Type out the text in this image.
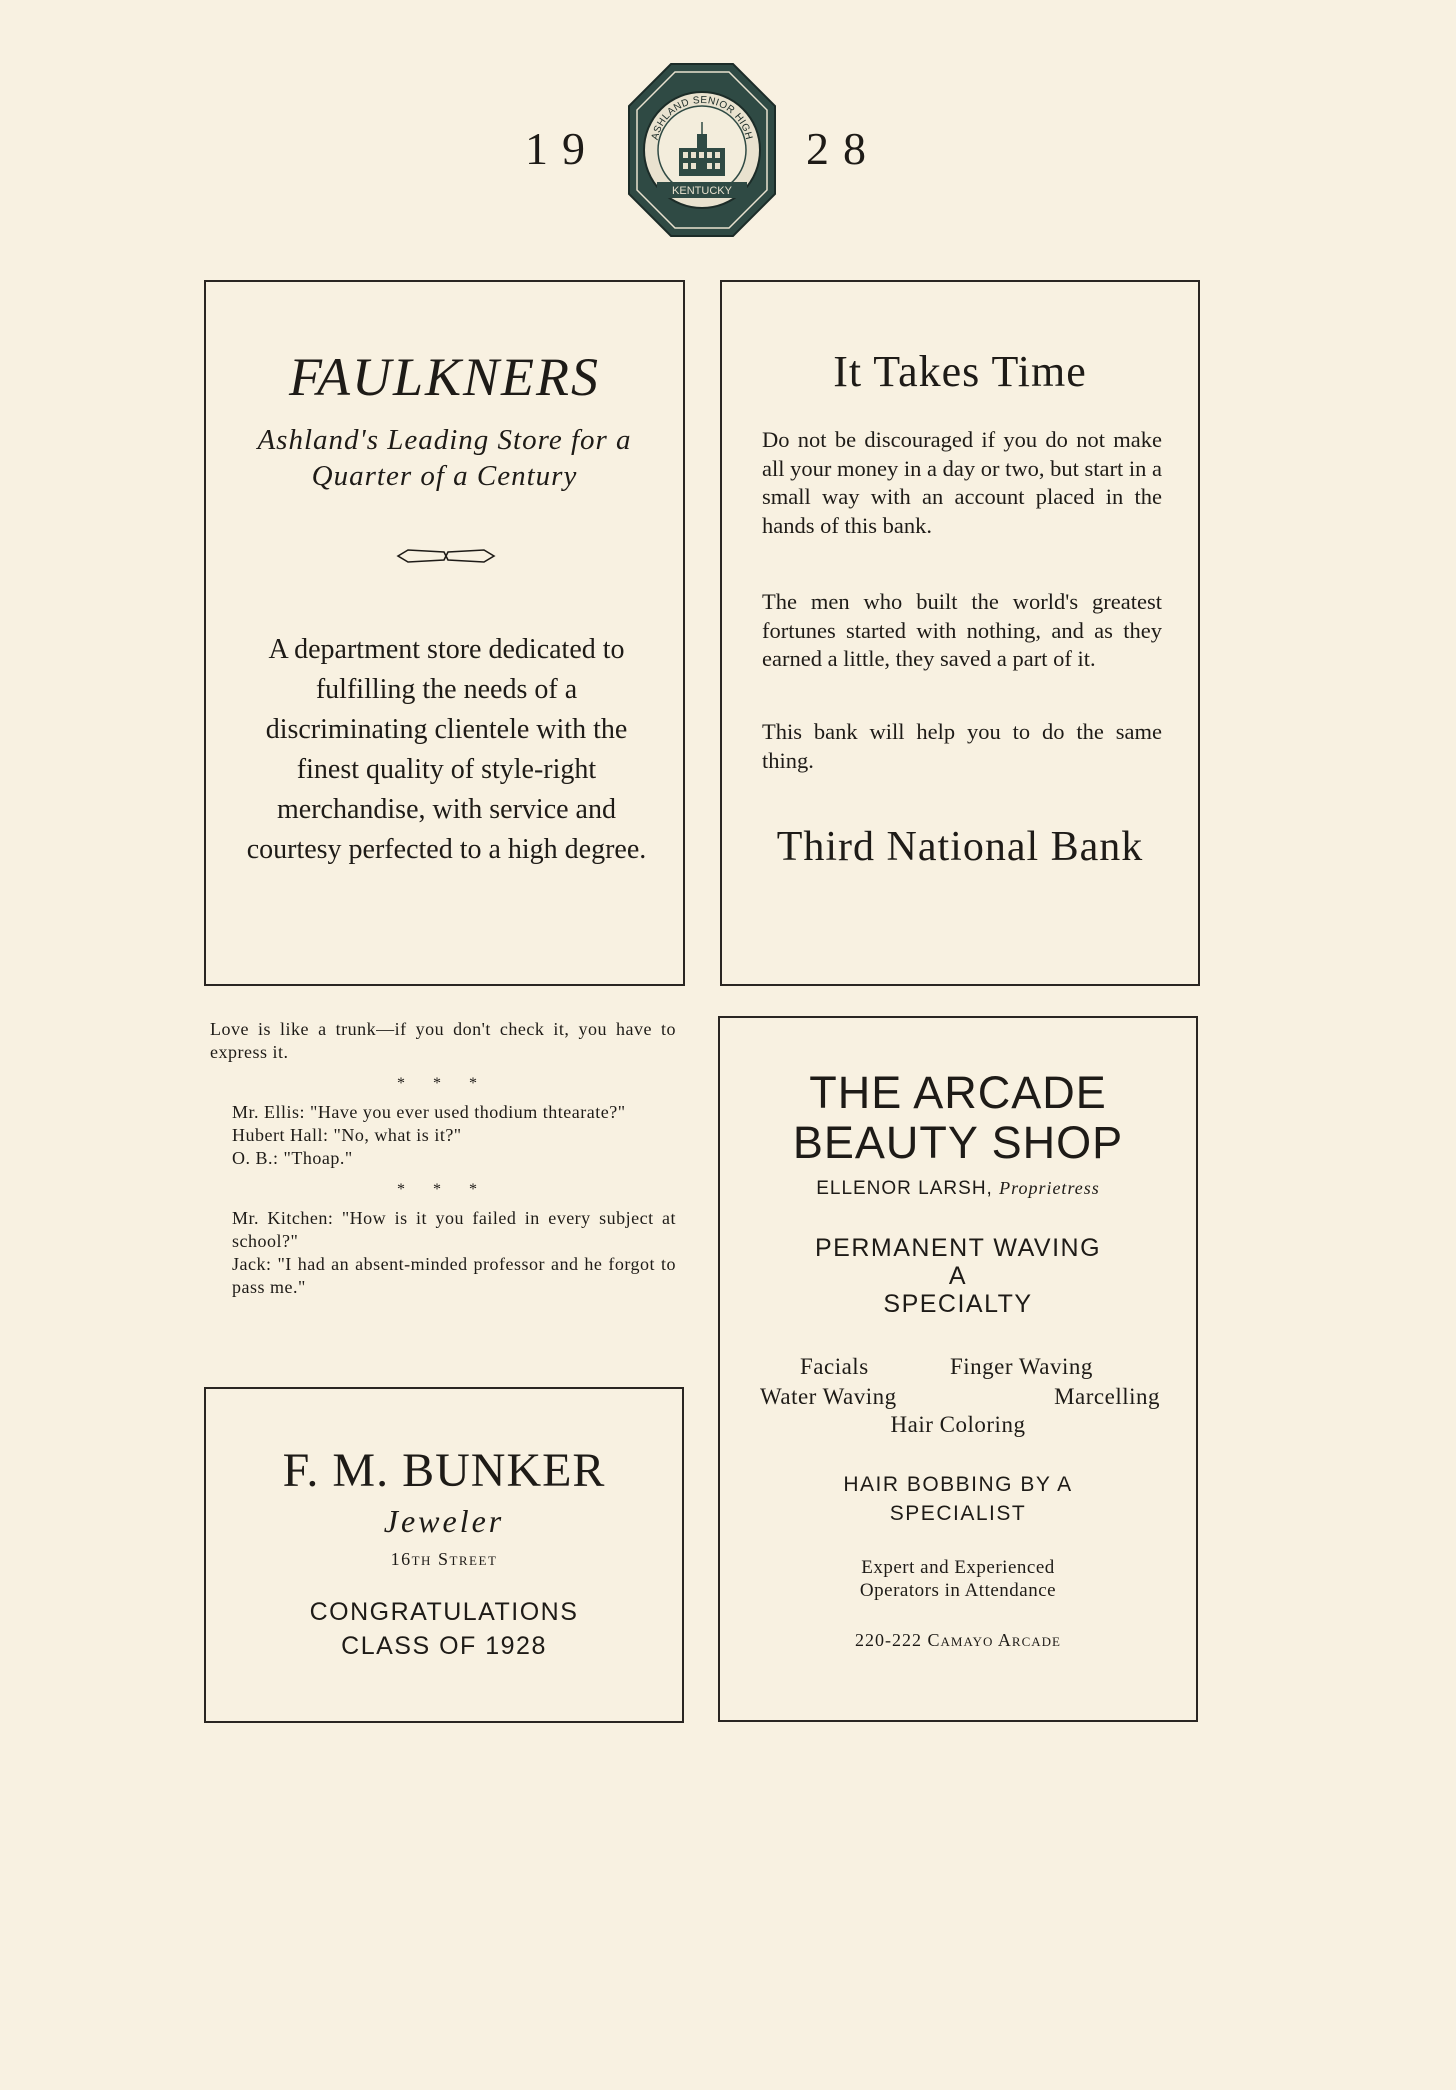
19	28
ASHLAND SENIOR HIGH
KENTUCKY
FAULKNERS
Ashland's Leading Store for a Quarter of a Century
A department store dedicated to fulfilling the needs of a discriminating clientele with the finest quality of style-right merchandise, with service and courtesy perfected to a high degree.
It Takes Time

Do not be discouraged if you do not make all your money in a day or two, but start in a small way with an account placed in the hands of this bank.

The men who built the world's greatest fortunes started with nothing, and as they earned a little, they saved a part of it.

This bank will help you to do the same thing.

Third National Bank

Love is like a trunk—if you don't check it, you have to express it.

* * *

Mr. Ellis: "Have you ever used thodium thtearate?"

Hubert Hall: "No, what is it?"

O. B.: "Thoap."

* * *

Mr. Kitchen: "How is it you failed in every subject at school?"

Jack: "I had an absent-minded professor and he forgot to pass me."

F. M. BUNKER
Jeweler
16th Street
CONGRATULATIONS
CLASS OF 1928
THE ARCADE
BEAUTY SHOP
ELLENOR LARSH, Proprietress
PERMANENT WAVING
A
SPECIALTY
Facials	Finger Waving
Water Waving	Marcelling
Hair Coloring
HAIR BOBBING BY A
SPECIALIST
Expert and Experienced
Operators in Attendance
220-222 Camayo Arcade
